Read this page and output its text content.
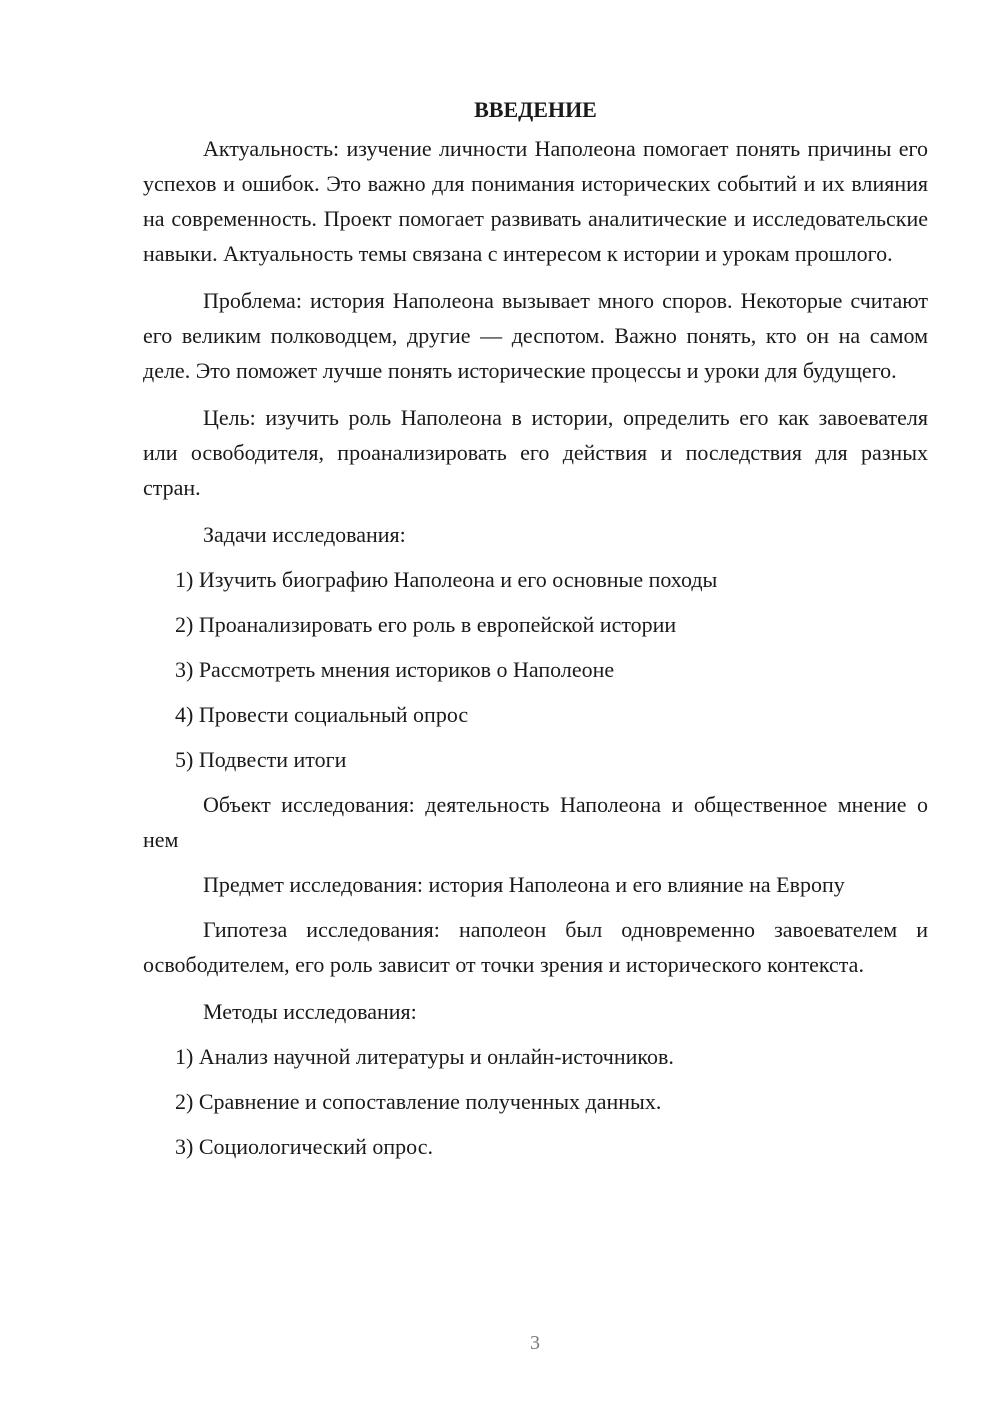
ВВЕДЕНИЕ

Актуальность: изучение личности Наполеона помогает понять причины его успехов и ошибок. Это важно для понимания исторических событий и их влияния на современность. Проект помогает развивать аналитические и исследовательские навыки. Актуальность темы связана с интересом к истории и урокам прошлого.

Проблема: история Наполеона вызывает много споров. Некоторые считают его великим полководцем, другие — деспотом. Важно понять, кто он на самом деле. Это поможет лучше понять исторические процессы и уроки для будущего.

Цель: изучить роль Наполеона в истории, определить его как завоевателя или освободителя, проанализировать его действия и последствия для разных стран.

Задачи исследования:

1) Изучить биографию Наполеона и его основные походы
2) Проанализировать его роль в европейской истории
3) Рассмотреть мнения историков о Наполеоне
4) Провести социальный опрос
5) Подвести итоги

Объект исследования: деятельность Наполеона и общественное мнение о нем

Предмет исследования: история Наполеона и его влияние на Европу

Гипотеза исследования: наполеон был одновременно завоевателем и освободителем, его роль зависит от точки зрения и исторического контекста.

Методы исследования:

1) Анализ научной литературы и онлайн-источников.
2) Сравнение и сопоставление полученных данных.
3) Социологический опрос.
3
